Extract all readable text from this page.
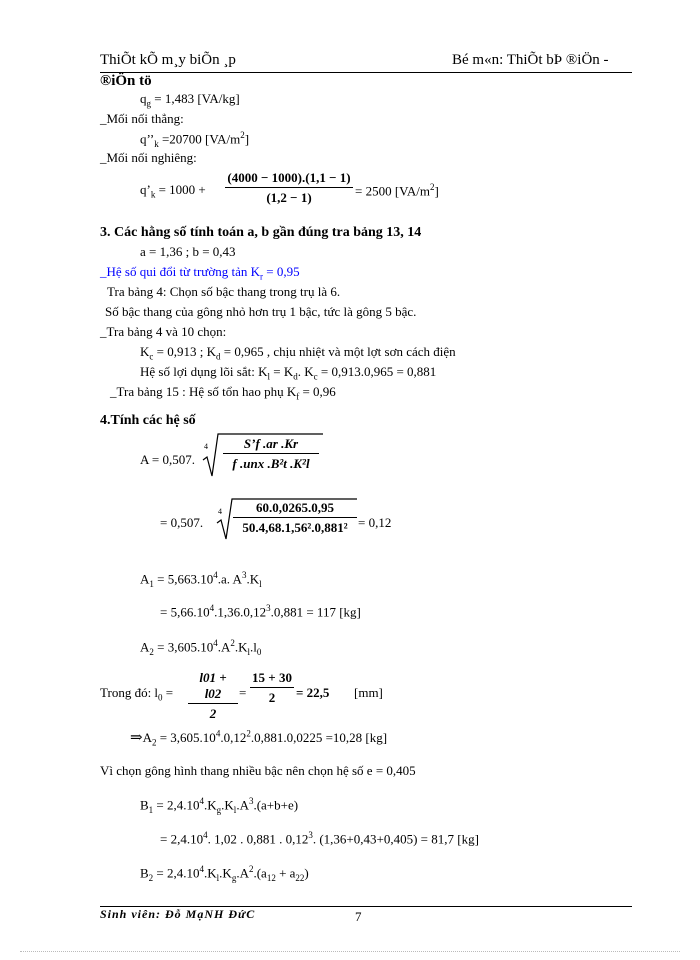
ThiÕt kÕ m¸y biÕn ¸p	Bé m«n: ThiÕt bÞ ®iÖn -
®iÖn tö
$q_g = 1,483$ [VA/kg]
_Mối nối thẳng:
$q’’_k =20700$ $[VA/m^2]$
_Mối nối nghiêng:
$q’_k = 1000 + \frac{(4000 - 1000).(1,1 - 1)}{(1,2 - 1)} = 2500$ $[VA/m^2]$
3. Các hằng số tính toán a, b gần đúng tra bảng 13, 14
a = 1,36 ; b = 0,43
_Hệ số qui đổi từ trường tản $K_r = 0,95$
Tra bảng 4: Chọn số bậc thang trong trụ là 6.
Số bậc thang của gông nhỏ hơn trụ 1 bậc, tức là gông 5 bậc.
_Tra bảng 4 và 10 chọn:
$K_c = 0,913$ ; $K_d = 0,965$ , chịu nhiệt và một lợt sơn cách điện
Hệ số lợi dụng lõi sắt: $K_l = K_d$. $K_c = 0,913.0,965 = 0,881$
_Tra bảng 15 : Hệ số tổn hao phụ $K_f = 0,96$
4.Tính các hệ số
A = 0,507.
4	S’f .ar .Kr
f .unx .B²t .K²l
= 0,507.
$4 \frac{60.0,0265.0,95}{\text{50.4,68.1,56².0,881²}} = 0,12$
$A_1 = 5,663.10^4.a$. $A^3.K_l$
= $5,66.10^4.1,36.0,12^3.0,881 = 117$ [kg]
$A_2 = 3,605.10^4.A^2.K_l.l_0$
Trong đó: $l_0 = \frac{l01 + l02}{2} = \frac{15 + 30}{2} = 22,5$ [mm]
$\Rightarrow A_2 = 3,605.10^4.0,12^2.0,881.0,0225 =10,28$ [kg]
Vì chọn gông hình thang nhiều bậc nên chọn hệ số e = 0,405
$B_1 = 2,4.10^4.K_g.K_l.A^3.(a+b+e)$
= $2,4.10^4$. 1,02 . 0,881 . 0,12$^3$. (1,36+0,43+0,405) = 81,7 [kg]
$B_2 = 2,4.10^4.K_l.K_g.A^2.(a_{12} + a_{22})$
Sinh viên: Đỗ MạNH ĐứC	7
